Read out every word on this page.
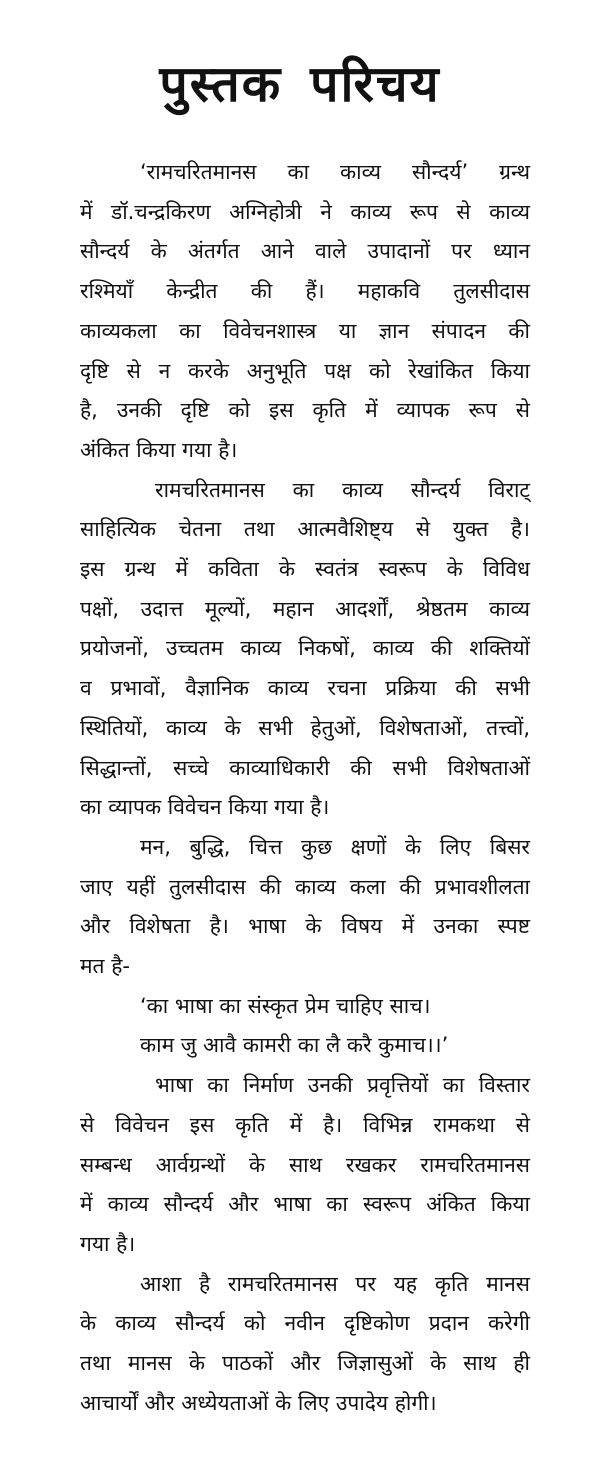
पुस्तक परिचय
‘रामचरितमानस का काव्य सौन्दर्य’ ग्रन्थ
में डॉ.चन्द्रकिरण अग्निहोत्री ने काव्य रूप से काव्य
सौन्दर्य के अंतर्गत आने वाले उपादानों पर ध्यान
रश्मियाँ केन्द्रीत की हैं। महाकवि तुलसीदास
काव्यकला का विवेचनशास्त्र या ज्ञान संपादन की
दृष्टि से न करके अनुभूति पक्ष को रेखांकित किया
है, उनकी दृष्टि को इस कृति में व्यापक रूप से
अंकित किया गया है।
रामचरितमानस का काव्य सौन्दर्य विराट्
साहित्यिक चेतना तथा आत्मवैशिष्ट्य से युक्त है।
इस ग्रन्थ में कविता के स्वतंत्र स्वरूप के विविध
पक्षों, उदात्त मूल्यों, महान आदर्शों, श्रेष्ठतम काव्य
प्रयोजनों, उच्चतम काव्य निकषों, काव्य की शक्तियों
व प्रभावों, वैज्ञानिक काव्य रचना प्रक्रिया की सभी
स्थितियों, काव्य के सभी हेतुओं, विशेषताओं, तत्त्वों,
सिद्धान्तों, सच्चे काव्याधिकारी की सभी विशेषताओं
का व्यापक विवेचन किया गया है।
मन, बुद्धि, चित्त कुछ क्षणों के लिए बिसर
जाए यहीं तुलसीदास की काव्य कला की प्रभावशीलता
और विशेषता है। भाषा के विषय में उनका स्पष्ट
मत है-
‘का भाषा का संस्कृत प्रेम चाहिए साच।
काम जु आवै कामरी का लै करै कुमाच।।’
भाषा का निर्माण उनकी प्रवृत्तियों का विस्तार
से विवेचन इस कृति में है। विभिन्न रामकथा से
सम्बन्ध आर्वग्रन्थों के साथ रखकर रामचरितमानस
में काव्य सौन्दर्य और भाषा का स्वरूप अंकित किया
गया है।
आशा है रामचरितमानस पर यह कृति मानस
के काव्य सौन्दर्य को नवीन दृष्टिकोण प्रदान करेगी
तथा मानस के पाठकों और जिज्ञासुओं के साथ ही
आचार्यों और अध्येयताओं के लिए उपादेय होगी।
